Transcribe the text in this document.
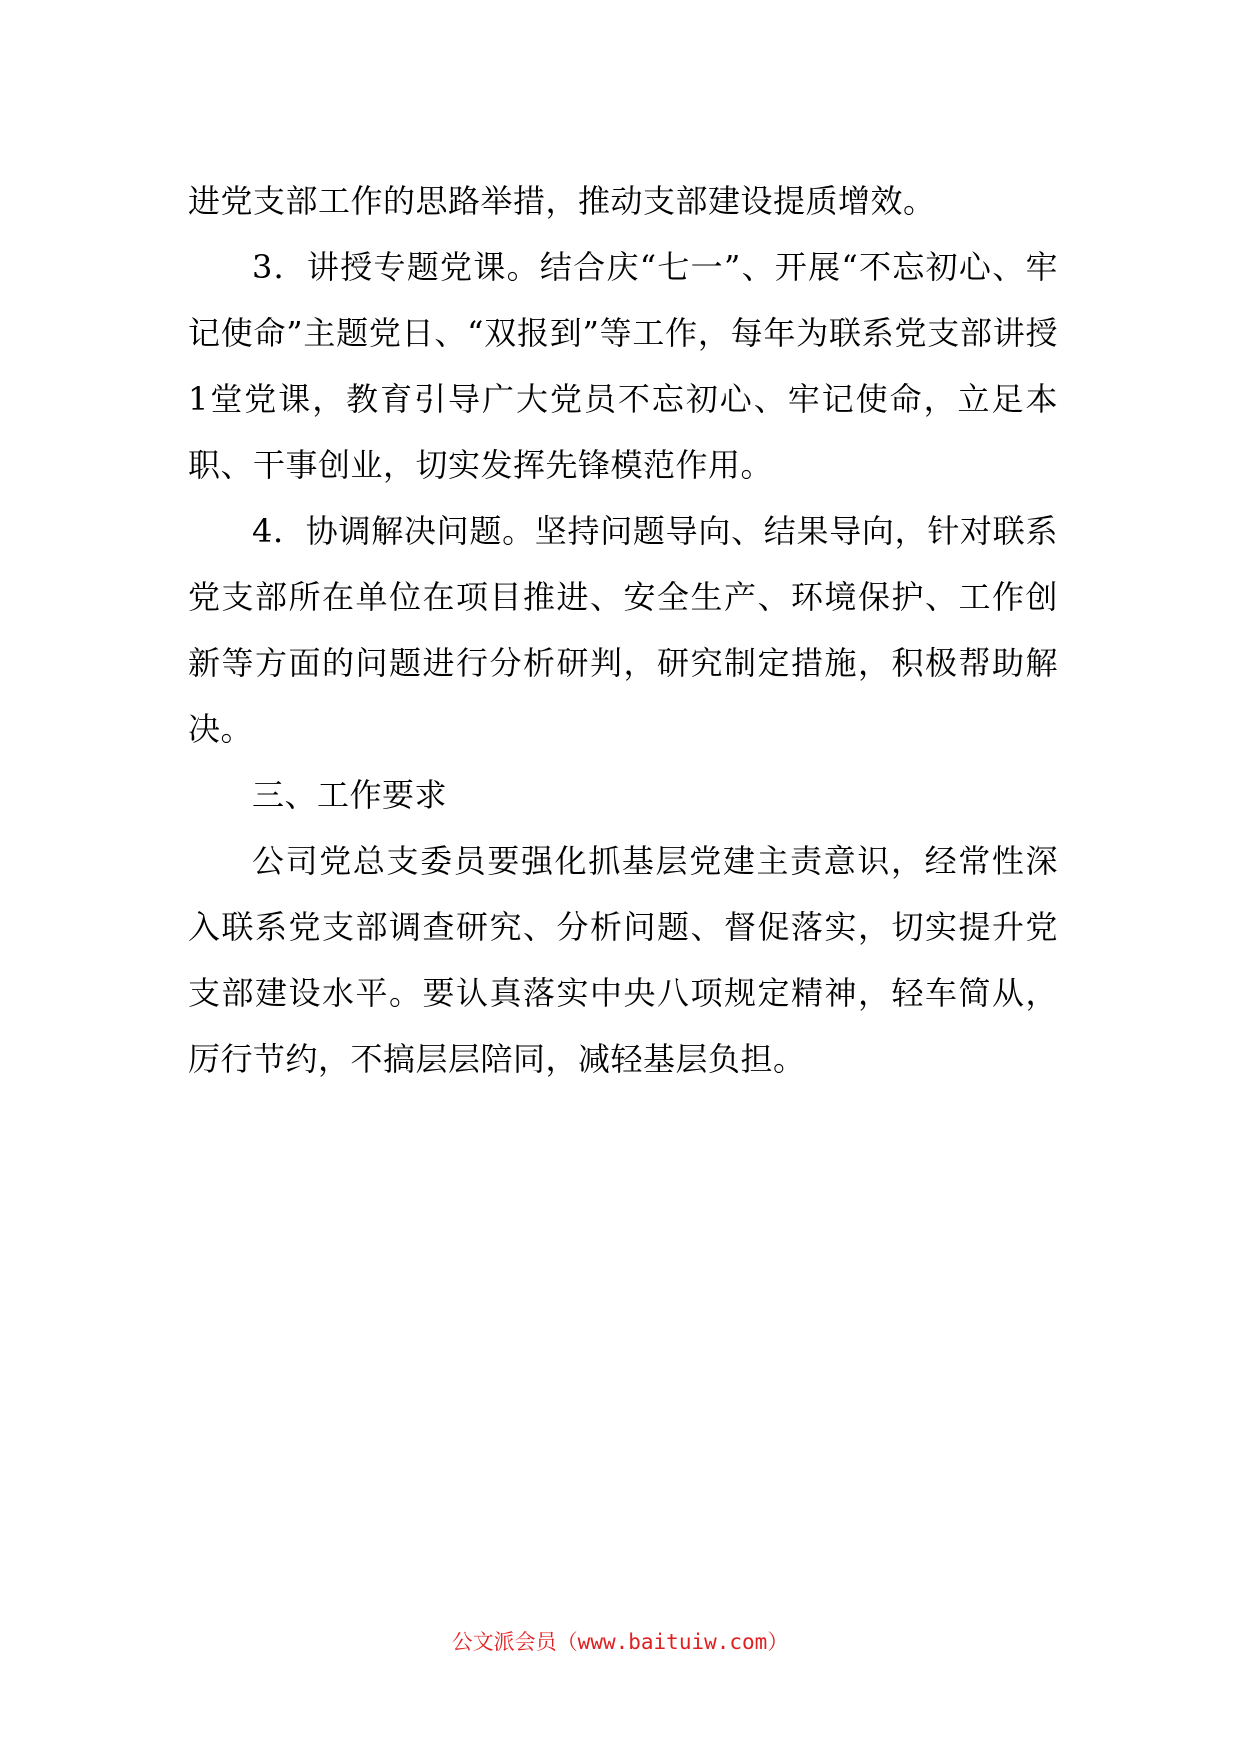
进党支部工作的思路举措，推动支部建设提质增效。

3．讲授专题党课。结合庆“七一”、开展“不忘初心、牢记使命”主题党日、“双报到”等工作，每年为联系党支部讲授1堂党课，教育引导广大党员不忘初心、牢记使命，立足本职、干事创业，切实发挥先锋模范作用。

4．协调解决问题。坚持问题导向、结果导向，针对联系党支部所在单位在项目推进、安全生产、环境保护、工作创新等方面的问题进行分析研判，研究制定措施，积极帮助解决。

三、工作要求

公司党总支委员要强化抓基层党建主责意识，经常性深入联系党支部调查研究、分析问题、督促落实，切实提升党支部建设水平。要认真落实中央八项规定精神，轻车简从，厉行节约，不搞层层陪同，减轻基层负担。

公文派会员（www.baituiw.com）
